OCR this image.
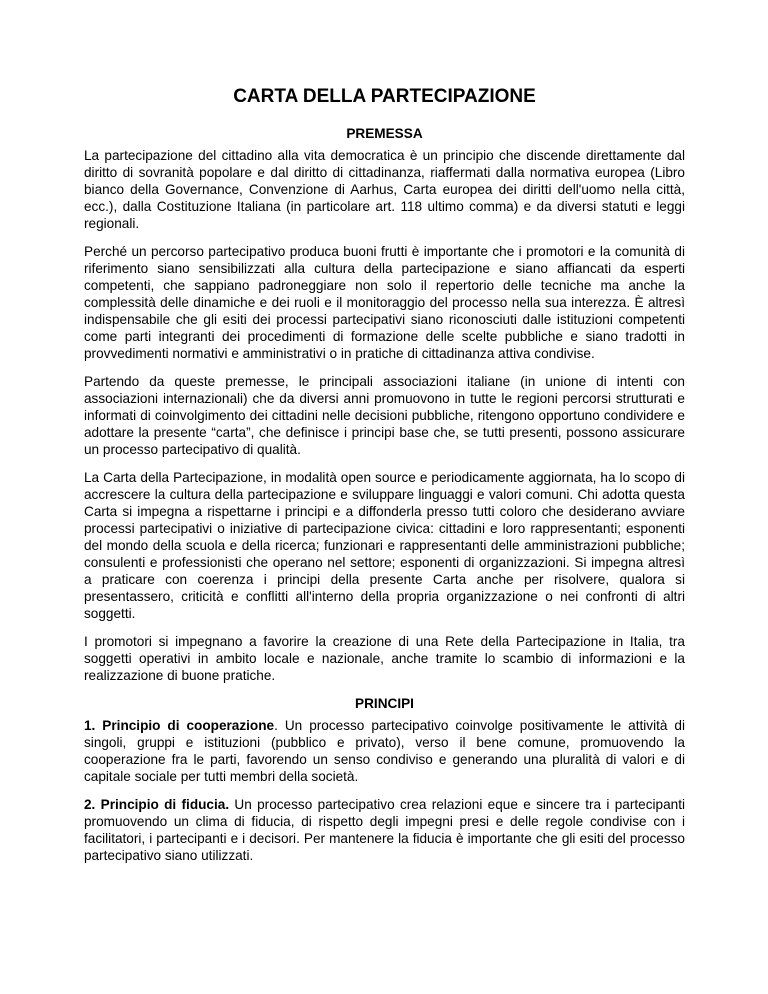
CARTA DELLA PARTECIPAZIONE
PREMESSA

La partecipazione del cittadino alla vita democratica è un principio che discende direttamente dal diritto di sovranità popolare e dal diritto di cittadinanza, riaffermati dalla normativa europea (Libro bianco della Governance, Convenzione di Aarhus, Carta europea dei diritti dell'uomo nella città, ecc.), dalla Costituzione Italiana (in particolare art. 118 ultimo comma) e da diversi statuti e leggi regionali.

Perché un percorso partecipativo produca buoni frutti è importante che i promotori e la comunità di riferimento siano sensibilizzati alla cultura della partecipazione e siano affiancati da esperti competenti, che sappiano padroneggiare non solo il repertorio delle tecniche ma anche la complessità delle dinamiche e dei ruoli e il monitoraggio del processo nella sua interezza. È altresì indispensabile che gli esiti dei processi partecipativi siano riconosciuti dalle istituzioni competenti come parti integranti dei procedimenti di formazione delle scelte pubbliche e siano tradotti in provvedimenti normativi e amministrativi o in pratiche di cittadinanza attiva condivise.

Partendo da queste premesse, le principali associazioni italiane (in unione di intenti con associazioni internazionali) che da diversi anni promuovono in tutte le regioni percorsi strutturati e informati di coinvolgimento dei cittadini nelle decisioni pubbliche, ritengono opportuno condividere e adottare la presente “carta”, che definisce i principi base che, se tutti presenti, possono assicurare un processo partecipativo di qualità.

La Carta della Partecipazione, in modalità open source e periodicamente aggiornata, ha lo scopo di accrescere la cultura della partecipazione e sviluppare linguaggi e valori comuni. Chi adotta questa Carta si impegna a rispettarne i principi e a diffonderla presso tutti coloro che desiderano avviare processi partecipativi o iniziative di partecipazione civica: cittadini e loro rappresentanti; esponenti del mondo della scuola e della ricerca; funzionari e rappresentanti delle amministrazioni pubbliche; consulenti e professionisti che operano nel settore; esponenti di organizzazioni. Si impegna altresì a praticare con coerenza i principi della presente Carta anche per risolvere, qualora si presentassero, criticità e conflitti all'interno della propria organizzazione o nei confronti di altri soggetti.

I promotori si impegnano a favorire la creazione di una Rete della Partecipazione in Italia, tra soggetti operativi in ambito locale e nazionale, anche tramite lo scambio di informazioni e la realizzazione di buone pratiche.

PRINCIPI

1. Principio di cooperazione. Un processo partecipativo coinvolge positivamente le attività di singoli, gruppi e istituzioni (pubblico e privato), verso il bene comune, promuovendo la cooperazione fra le parti, favorendo un senso condiviso e generando una pluralità di valori e di capitale sociale per tutti membri della società.

2. Principio di fiducia. Un processo partecipativo crea relazioni eque e sincere tra i partecipanti promuovendo un clima di fiducia, di rispetto degli impegni presi e delle regole condivise con i facilitatori, i partecipanti e i decisori. Per mantenere la fiducia è importante che gli esiti del processo partecipativo siano utilizzati.
